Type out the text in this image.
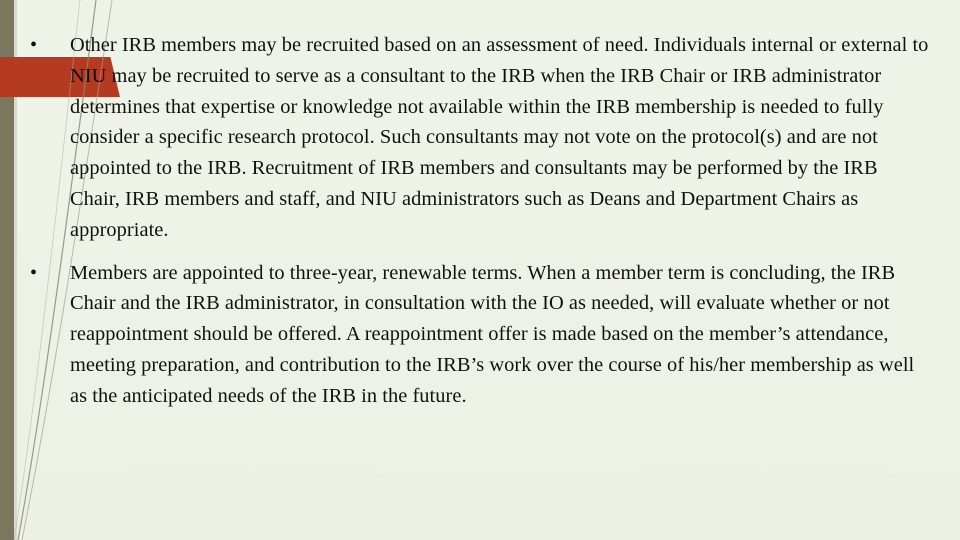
•	Other IRB members may be recruited based on an assessment of need. Individuals internal or external to NIU may be recruited to serve as a consultant to the IRB when the IRB Chair or IRB administrator determines that expertise or knowledge not available within the IRB membership is needed to fully consider a specific research protocol. Such consultants may not vote on the protocol(s) and are not appointed to the IRB. Recruitment of IRB members and consultants may be performed by the IRB Chair, IRB members and staff, and NIU administrators such as Deans and Department Chairs as appropriate.
•	Members are appointed to three-year, renewable terms. When a member term is concluding, the IRB Chair and the IRB administrator, in consultation with the IO as needed, will evaluate whether or not reappointment should be offered. A reappointment offer is made based on the member’s attendance, meeting preparation, and contribution to the IRB’s work over the course of his/her membership as well as the anticipated needs of the IRB in the future.
